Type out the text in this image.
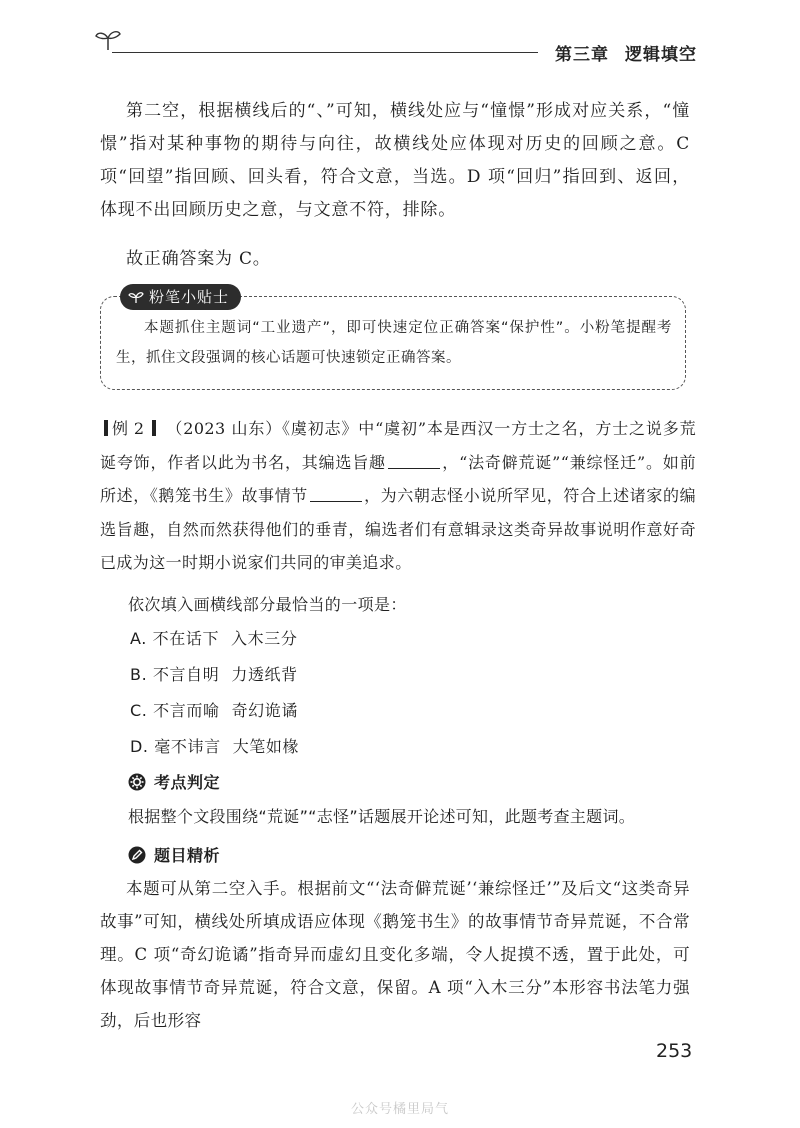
第三章 逻辑填空

第二空，根据横线后的“、”可知，横线处应与“憧憬”形成对应关系，“憧憬”指对某种事物的期待与向往，故横线处应体现对历史的回顾之意。C 项“回望”指回顾、回头看，符合文意，当选。D 项“回归”指回到、返回，体现不出回顾历史之意，与文意不符，排除。

故正确答案为 C。

粉笔小贴士

本题抓住主题词“工业遗产”，即可快速定位正确答案“保护性”。小粉笔提醒考生，抓住文段强调的核心话题可快速锁定正确答案。

例 2 （2023 山东）《虞初志》中“虞初”本是西汉一方士之名，方士之说多荒诞夸饰，作者以此为书名，其编选旨趣	，“法奇僻荒诞”“兼综怪迁”。如前所述，《鹅笼书生》故事情节	，为六朝志怪小说所罕见，符合上述诸家的编选旨趣，自然而然获得他们的垂青，编选者们有意辑录这类奇异故事说明作意好奇已成为这一时期小说家们共同的审美追求。

依次填入画横线部分最恰当的一项是：

A. 不在话下 入木三分
B. 不言自明 力透纸背
C. 不言而喻 奇幻诡谲
D. 毫不讳言 大笔如椽
考点判定

根据整个文段围绕“荒诞”“志怪”话题展开论述可知，此题考查主题词。

题目精析

本题可从第二空入手。根据前文“‘法奇僻荒诞’‘兼综怪迁’”及后文“这类奇异故事”可知，横线处所填成语应体现《鹅笼书生》的故事情节奇异荒诞，不合常理。C 项“奇幻诡谲”指奇异而虚幻且变化多端，令人捉摸不透，置于此处，可体现故事情节奇异荒诞，符合文意，保留。A 项“入木三分”本形容书法笔力强劲，后也形容

253
公众号橘里局气
